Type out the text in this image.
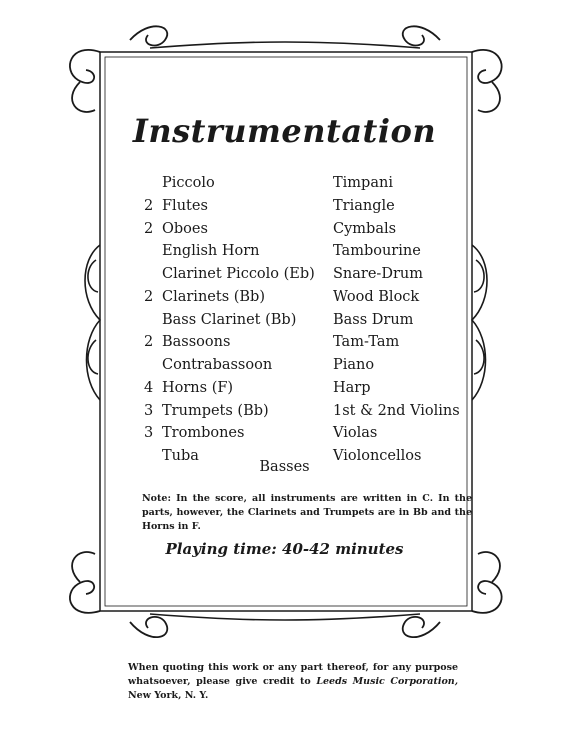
Instrumentation
Piccolo
2 Flutes
2 Oboes
English Horn
Clarinet Piccolo (Eb)
2 Clarinets (Bb)
Bass Clarinet (Bb)
2 Bassoons
Contrabassoon
4 Horns (F)
3 Trumpets (Bb)
3 Trombones
Tuba
Timpani
Triangle
Cymbals
Tambourine
Snare-Drum
Wood Block
Bass Drum
Tam-Tam
Piano
Harp
1st & 2nd Violins
Violas
Violoncellos
Basses
Note: In the score, all instruments are written in C. In the parts, however, the Clarinets and Trumpets are in Bb and the Horns in F.
Playing time: 40-42 minutes
When quoting this work or any part thereof, for any purpose whatsoever, please give credit to Leeds Music Corporation, New York, N. Y.
